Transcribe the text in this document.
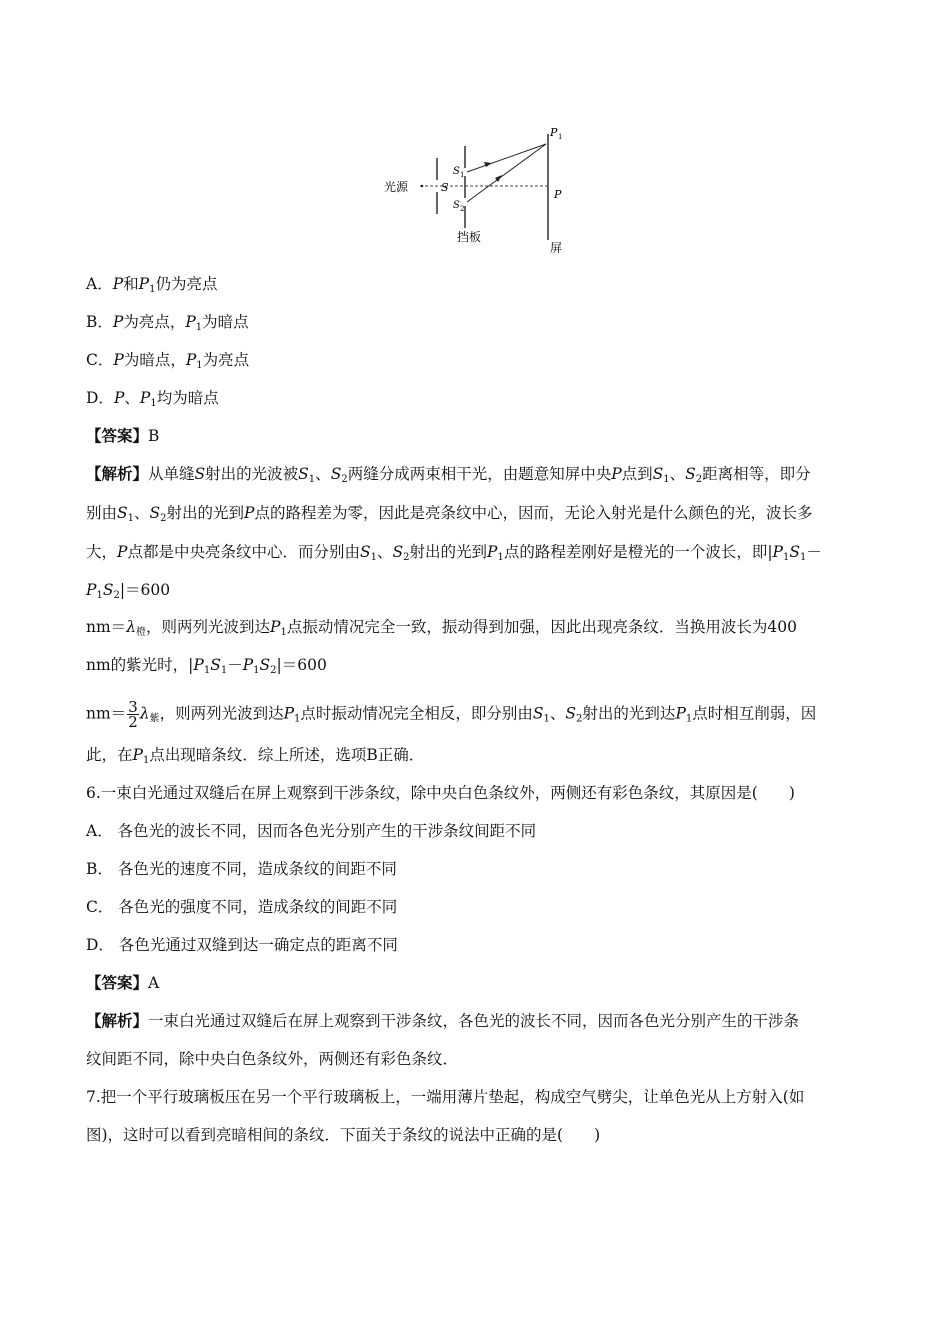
光源	S
S 1
S 2
P 1
P
挡板
屏
A．P和$P_1$仍为亮点
B．P为亮点，$P_1$为暗点
C．P为暗点，$P_1$为亮点
D．P、$P_1$均为暗点
【答案】B
【解析】从单缝S射出的光波被$S_1$、$S_2$两缝分成两束相干光，由题意知屏中央P点到$S_1$、$S_2$距离相等，即分
别由$S_1$、$S_2$射出的光到P点的路程差为零，因此是亮条纹中心，因而，无论入射光是什么颜色的光，波长多
大，P点都是中央亮条纹中心．而分别由$S_1$、$S_2$射出的光到$P_1$点的路程差刚好是橙光的一个波长，即$|P_1S_1-$
$P_1S_2|=600$
$nm=\lambda_橙$，则两列光波到达$P_1$点振动情况完全一致，振动得到加强，因此出现亮条纹．当换用波长为400
nm的紫光时，$|P_1S_1-P_1S_2|=600$
$nm= \frac{3}{2} \lambda_紫$，则两列光波到达$P_1$点时振动情况完全相反，即分别由$S_1$、$S_2$射出的光到达$P_1$点时相互削弱，因
此，在$P_1$点出现暗条纹．综上所述，选项B正确．
6.一束白光通过双缝后在屏上观察到干涉条纹，除中央白色条纹外，两侧还有彩色条纹，其原因是(　　)
A． 各色光的波长不同，因而各色光分别产生的干涉条纹间距不同
B． 各色光的速度不同，造成条纹的间距不同
C． 各色光的强度不同，造成条纹的间距不同
D． 各色光通过双缝到达一确定点的距离不同
【答案】A
【解析】一束白光通过双缝后在屏上观察到干涉条纹，各色光的波长不同，因而各色光分别产生的干涉条
纹间距不同，除中央白色条纹外，两侧还有彩色条纹．
7.把一个平行玻璃板压在另一个平行玻璃板上，一端用薄片垫起，构成空气劈尖，让单色光从上方射入(如
图)，这时可以看到亮暗相间的条纹．下面关于条纹的说法中正确的是(　　)
